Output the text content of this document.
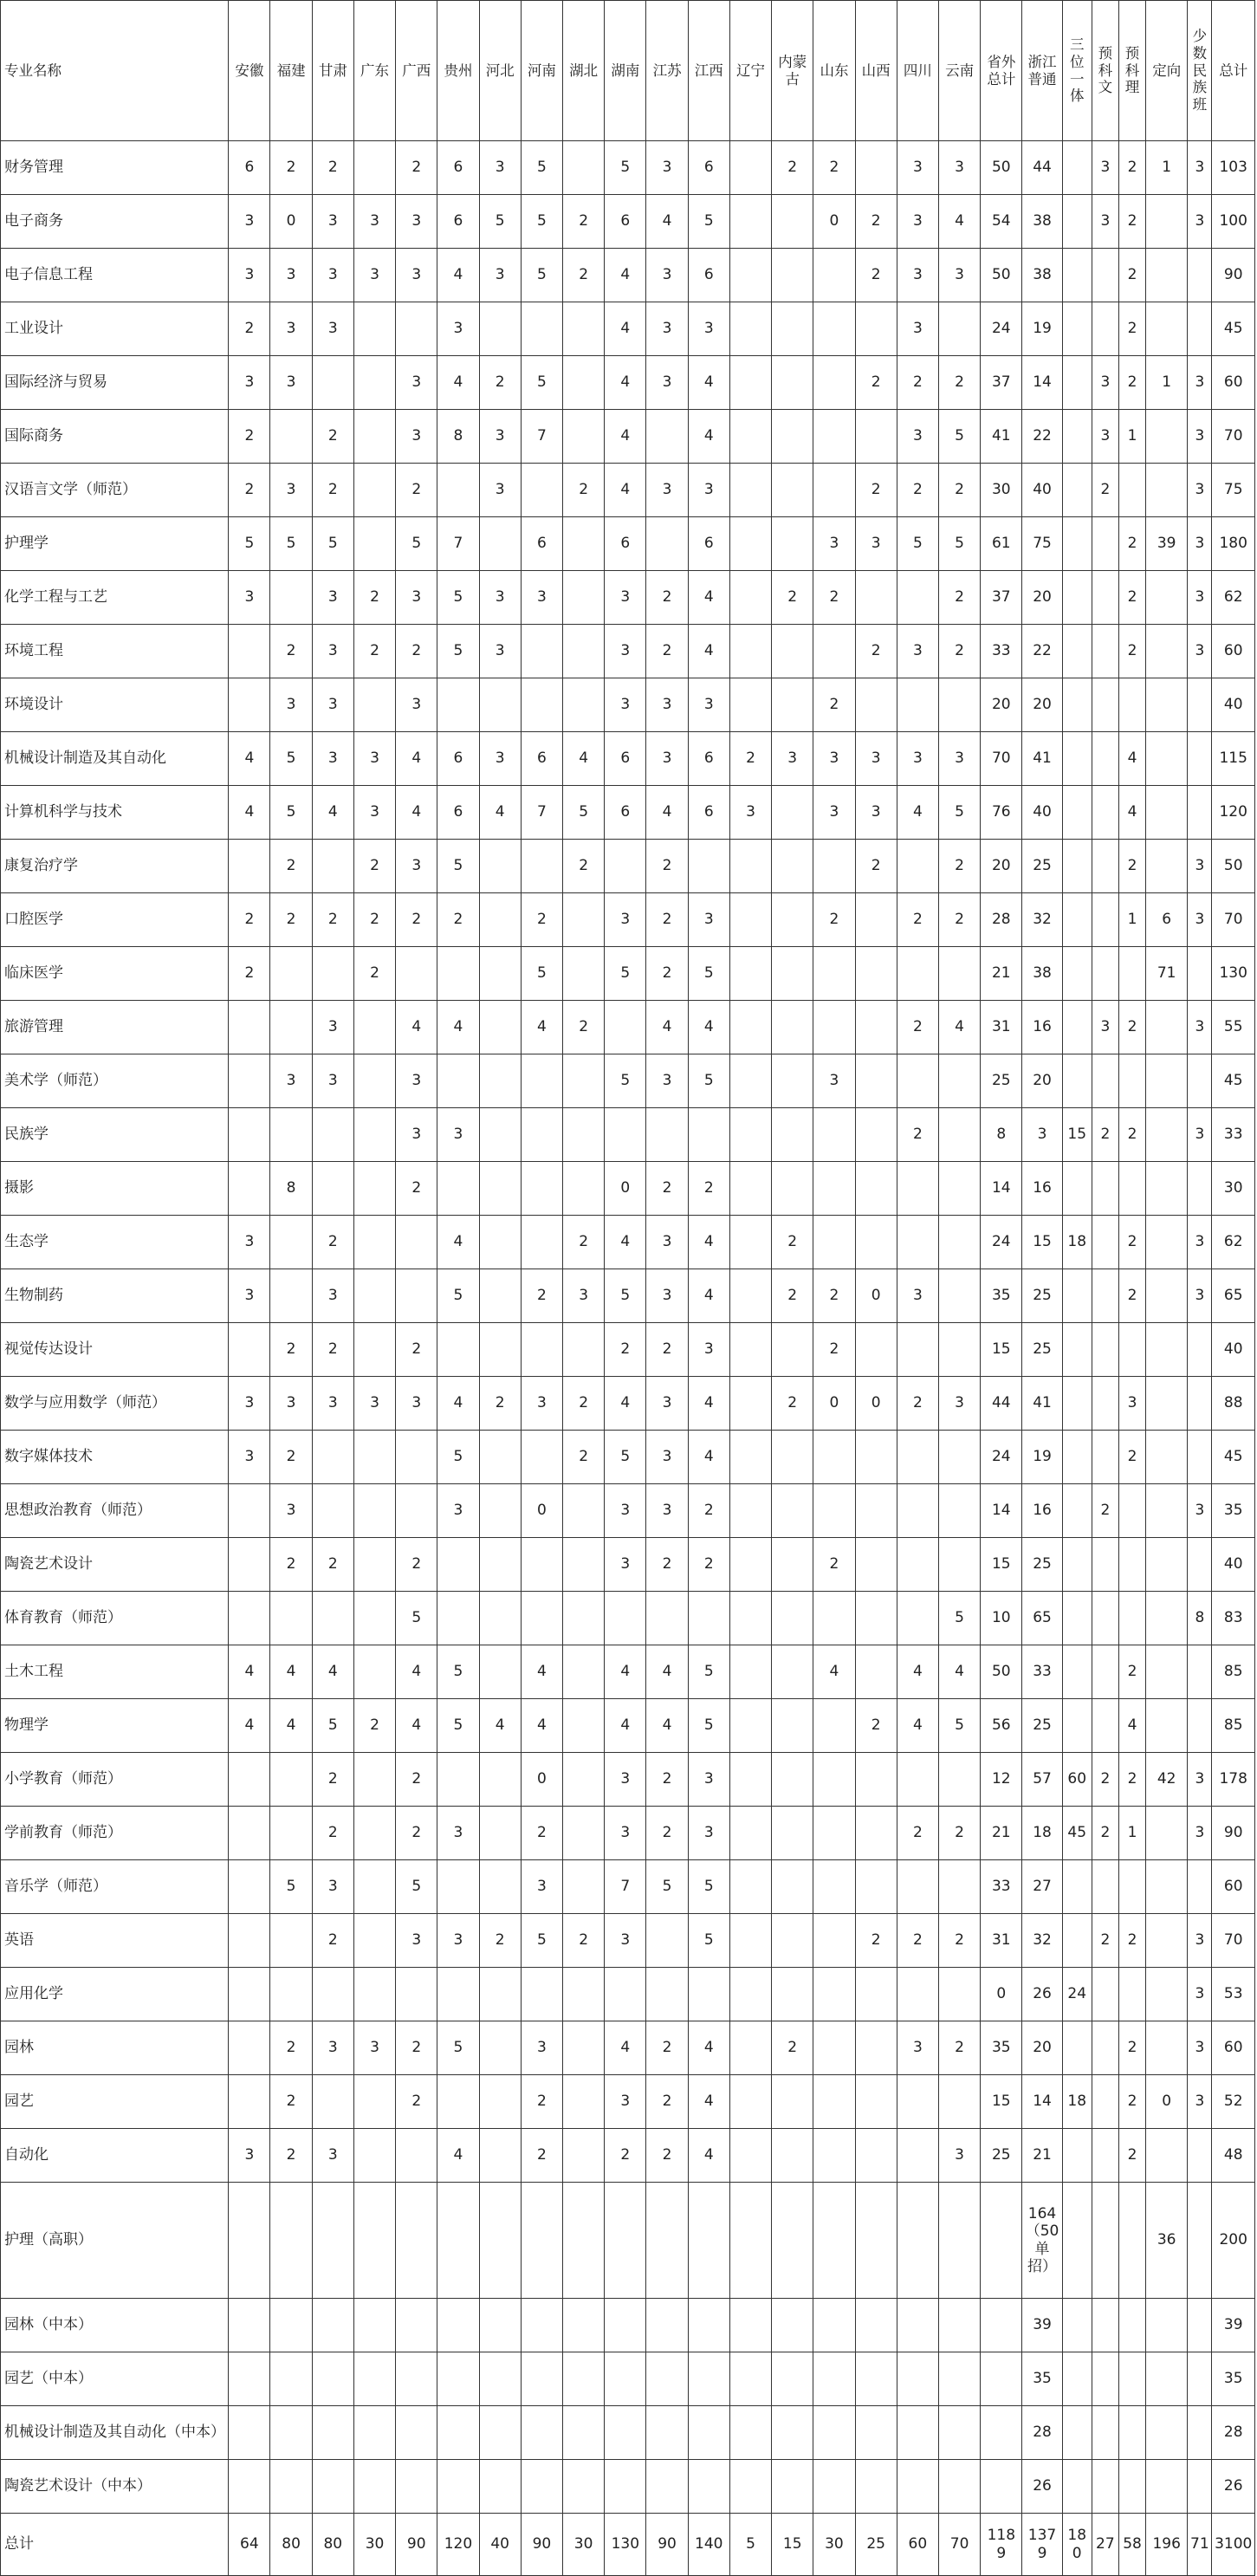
专业名称	安徽	福建	甘肃	广东	广西	贵州	河北	河南	湖北	湖南	江苏	江西	辽宁	内蒙古	山东	山西	四川	云南	省外总计	浙江普通	三位一体	预科文	预科理	定向	少数民族班	总计
财务管理	6	2	2		2	6	3	5		5	3	6		2	2		3	3	50	44		3	2	1	3	103
电子商务	3	0	3	3	3	6	5	5	2	6	4	5			0	2	3	4	54	38		3	2		3	100
电子信息工程	3	3	3	3	3	4	3	5	2	4	3	6				2	3	3	50	38			2			90
工业设计	2	3	3			3				4	3	3					3		24	19			2			45
国际经济与贸易	3	3			3	4	2	5		4	3	4				2	2	2	37	14		3	2	1	3	60
国际商务	2		2		3	8	3	7		4		4					3	5	41	22		3	1		3	70
汉语言文学（师范）	2	3	2		2		3		2	4	3	3				2	2	2	30	40		2			3	75
护理学	5	5	5		5	7		6		6		6			3	3	5	5	61	75			2	39	3	180
化学工程与工艺	3		3	2	3	5	3	3		3	2	4		2	2			2	37	20			2		3	62
环境工程		2	3	2	2	5	3			3	2	4				2	3	2	33	22			2		3	60
环境设计		3	3		3					3	3	3			2				20	20						40
机械设计制造及其自动化	4	5	3	3	4	6	3	6	4	6	3	6	2	3	3	3	3	3	70	41			4			115
计算机科学与技术	4	5	4	3	4	6	4	7	5	6	4	6	3		3	3	4	5	76	40			4			120
康复治疗学		2		2	3	5			2		2					2		2	20	25			2		3	50
口腔医学	2	2	2	2	2	2		2		3	2	3			2		2	2	28	32			1	6	3	70
临床医学	2			2				5		5	2	5							21	38				71		130
旅游管理			3		4	4		4	2		4	4					2	4	31	16		3	2		3	55
美术学（师范）		3	3		3					5	3	5			3				25	20						45
民族学					3	3											2		8	3	15	2	2		3	33
摄影		8			2					0	2	2							14	16						30
生态学	3		2			4			2	4	3	4		2					24	15	18		2		3	62
生物制药	3		3			5		2	3	5	3	4		2	2	0	3		35	25			2		3	65
视觉传达设计		2	2		2					2	2	3			2				15	25						40
数学与应用数学（师范）	3	3	3	3	3	4	2	3	2	4	3	4		2	0	0	2	3	44	41			3			88
数字媒体技术	3	2				5			2	5	3	4							24	19			2			45
思想政治教育（师范）		3				3		0		3	3	2							14	16		2			3	35
陶瓷艺术设计		2	2		2					3	2	2			2				15	25						40
体育教育（师范）					5													5	10	65					8	83
土木工程	4	4	4		4	5		4		4	4	5			4		4	4	50	33			2			85
物理学	4	4	5	2	4	5	4	4		4	4	5				2	4	5	56	25			4			85
小学教育（师范）			2		2			0		3	2	3							12	57	60	2	2	42	3	178
学前教育（师范）			2		2	3		2		3	2	3					2	2	21	18	45	2	1		3	90
音乐学（师范）		5	3		5			3		7	5	5							33	27						60
英语			2		3	3	2	5	2	3		5				2	2	2	31	32		2	2		3	70
应用化学																			0	26	24				3	53
园林		2	3	3	2	5		3		4	2	4		2			3	2	35	20			2		3	60
园艺		2			2			2		3	2	4							15	14	18		2	0	3	52
自动化	3	2	3			4		2		2	2	4						3	25	21			2			48
护理（高职）																				164（50单招）				36		200
园林（中本）																				39						39
园艺（中本）																				35						35
机械设计制造及其自动化（中本）																				28						28
陶瓷艺术设计（中本）																				26						26
总计	64	80	80	30	90	120	40	90	30	130	90	140	5	15	30	25	60	70	1189	1379	180	27	58	196	71	3100
